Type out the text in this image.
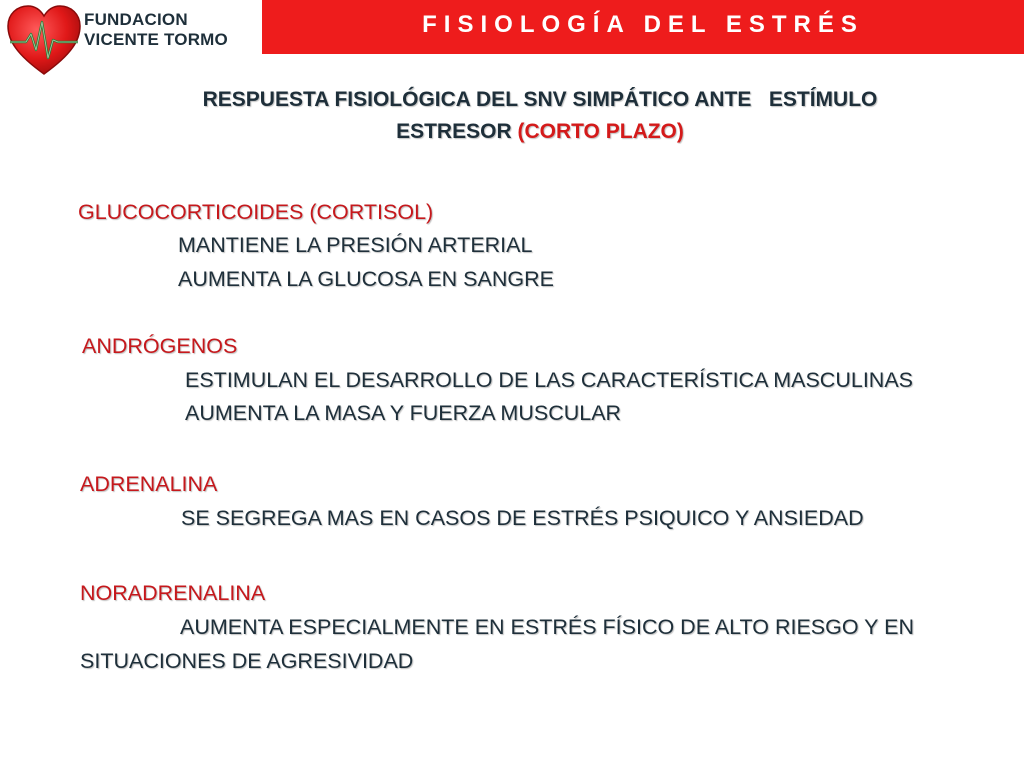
FUNDACION
VICENTE TORMO
FISIOLOGÍA DEL ESTRÉS
RESPUESTA FISIOLÓGICA DEL SNV SIMPÁTICO ANTE   ESTÍMULO
ESTRESOR (CORTO PLAZO)
GLUCOCORTICOIDES (CORTISOL)
MANTIENE LA PRESIÓN ARTERIAL
AUMENTA LA GLUCOSA EN SANGRE
ANDRÓGENOS
ESTIMULAN EL DESARROLLO DE LAS CARACTERÍSTICA MASCULINAS
AUMENTA LA MASA Y FUERZA MUSCULAR
ADRENALINA
SE SEGREGA MAS EN CASOS DE ESTRÉS PSIQUICO Y ANSIEDAD
NORADRENALINA
AUMENTA ESPECIALMENTE EN ESTRÉS FÍSICO DE ALTO RIESGO Y EN
SITUACIONES DE AGRESIVIDAD
